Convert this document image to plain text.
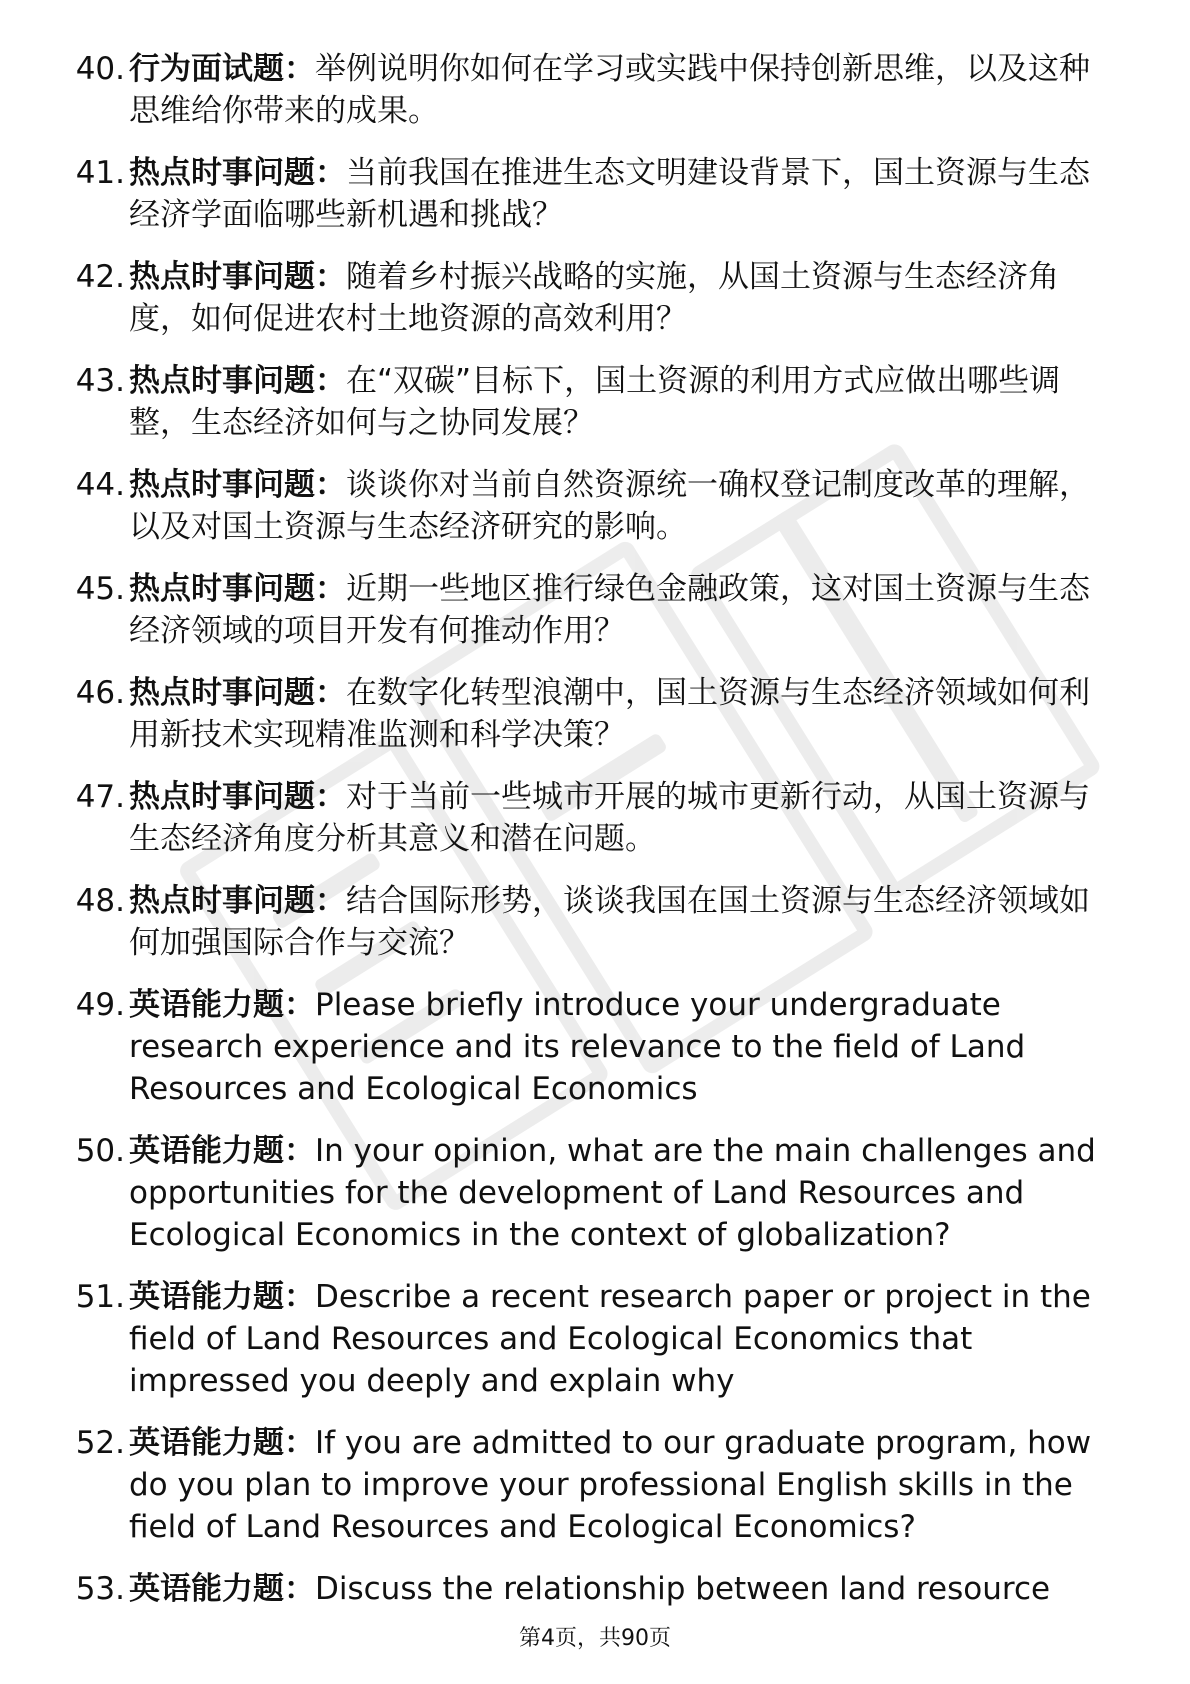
40. 行为面试题：举例说明你如何在学习或实践中保持创新思维，以及这种思维给你带来的成果。
41. 热点时事问题：当前我国在推进生态文明建设背景下，国土资源与生态经济学面临哪些新机遇和挑战？
42. 热点时事问题：随着乡村振兴战略的实施，从国土资源与生态经济角度，如何促进农村土地资源的高效利用？
43. 热点时事问题：在“双碳”目标下，国土资源的利用方式应做出哪些调整，生态经济如何与之协同发展？
44. 热点时事问题：谈谈你对当前自然资源统一确权登记制度改革的理解，以及对国土资源与生态经济研究的影响。
45. 热点时事问题：近期一些地区推行绿色金融政策，这对国土资源与生态经济领域的项目开发有何推动作用？
46. 热点时事问题：在数字化转型浪潮中，国土资源与生态经济领域如何利用新技术实现精准监测和科学决策？
47. 热点时事问题：对于当前一些城市开展的城市更新行动，从国土资源与生态经济角度分析其意义和潜在问题。
48. 热点时事问题：结合国际形势，谈谈我国在国土资源与生态经济领域如何加强国际合作与交流？
49. 英语能力题：Please briefly introduce your undergraduate research experience and its relevance to the field of Land Resources and Ecological Economics
50. 英语能力题：In your opinion, what are the main challenges and opportunities for the development of Land Resources and Ecological Economics in the context of globalization?
51. 英语能力题：Describe a recent research paper or project in the field of Land Resources and Ecological Economics that impressed you deeply and explain why
52. 英语能力题：If you are admitted to our graduate program, how do you plan to improve your professional English skills in the field of Land Resources and Ecological Economics?
53. 英语能力题：Discuss the relationship between land resource
第4页，共90页
